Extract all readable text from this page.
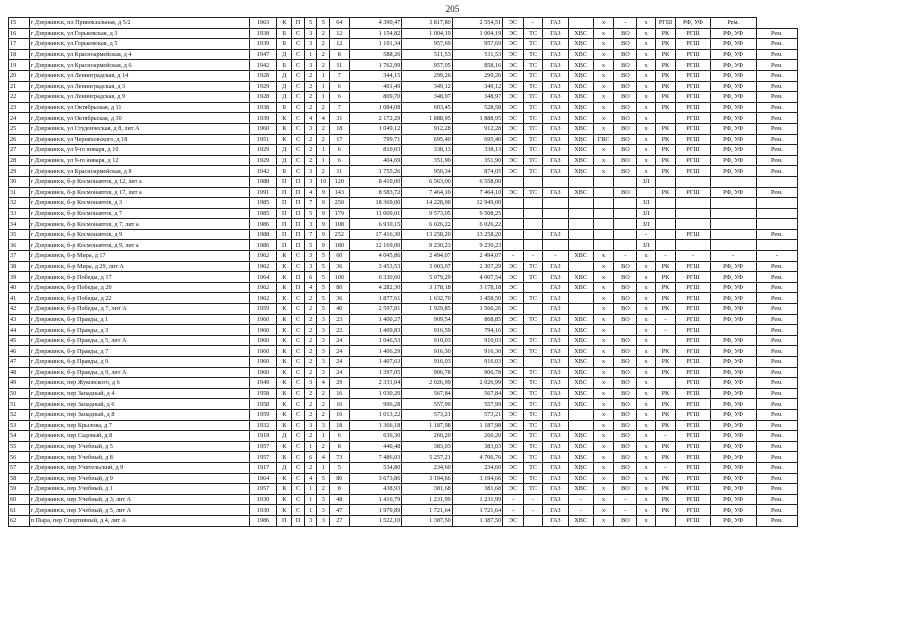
205
15	г Дзержинск, пл Привокзальная, д 5/2	1963	К	П	5	5	64	4 390,47	3 817,80	2 554,51	ЭС	-	ГАЗ		х	-	х	РГШ	РФ, УФ	Рем.	
16	г Дзержинск, ул Горьковская, д 3	1938	Б	С	3	2	12	1 154,82	1 004,19	1 004,19	ЭС	ТС	ГАЗ	ХВС	х	ВО	х	РК	РГШ	РФ, УФ	Рем.
17	г Дзержинск, ул Горьковская, д 5	1939	Б	С	3	2	12	1 101,34	957,69	957,69	ЭС	ТС	ГАЗ	ХВС	х	ВО	х	РК	РГШ	РФ, УФ	Рем.
18	г Дзержинск, ул Красноармейская, д 4	1947	Д	С	1	2	8	588,26	511,53	511,53	ЭС	ТС	ГАЗ	ХВС	х	ВО	х	РК	РГШ	РФ, УФ	Рем.
19	г Дзержинск, ул Красноармейская, д 6	1942	Б	С	3	2	11	1 762,99	957,05	858,16	ЭС	ТС	ГАЗ	ХВС	х	ВО	х	РК	РГШ	РФ, УФ	Рем.
20	г Дзержинск, ул Ленинградская, д 14	1928	Д	С	2	1	7	344,15	299,26	299,26	ЭС	ТС	ГАЗ	ХВС	х	ВО	х	РК	РГШ	РФ, УФ	Рем.
21	г Дзержинск, ул Ленинградская, д 3	1929	Д	С	2	1	6	401,49	349,12	349,12	ЭС	ТС	ГАЗ	ХВС	х	ВО	х	РК	РГШ	РФ, УФ	Рем.
22	г Дзержинск, ул Ленинградская, д 9	1928	Д	С	2	1	6	809,70	348,97	348,97	ЭС	ТС	ГАЗ	ХВС	х	ВО	х	РК	РГШ	РФ, УФ	Рем.
23	г Дзержинск, ул Октябрьская, д 11	1938	Б	С	2	2	7	1 084,08	603,45	528,58	ЭС	ТС	ГАЗ	ХВС	х	ВО	х	РК	РГШ	РФ, УФ	Рем.
24	г Дзержинск, ул Октябрьская, д 30	1939	К	С	4	4	31	2 172,29	1 888,95	1 888,95	ЭС	ТС	ГАЗ	ХВС	х	ВО	х		РГШ	РФ, УФ	Рем.
25	г Дзержинск, ул Студенческая, д 8, лит А	1960	К	С	3	2	18	1 049,12	912,28	912,28	ЭС	ТС	ГАЗ	ХВС	х	ВО	х	РК	РГШ	РФ, УФ	Рем.
26	г Дзержинск, ул Черняховского, д 18	1951	К	С	2	2	17	799,71	695,40	695,40	ЭС	ТС	ГАЗ	ХВС	ГВС	ВО	х	РК	РГШ	РФ, УФ	Рем.
27	г Дзержинск, ул 9-го января, д 10	1929	Д	С	2	1	6	810,03	338,13	338,13	ЭС	ТС	ГАЗ	ХВС	х	ВО	х	РК	РГШ	РФ, УФ	Рем.
28	г Дзержинск, ул 9-го января, д 12	1929	Д	С	2	1	6	404,69	351,90	351,90	ЭС	ТС	ГАЗ	ХВС	х	ВО	х	РК	РГШ	РФ, УФ	Рем.
29	г Дзержинск, ул Красноармейская, д 8	1942	Б	С	3	2	11	1 755,26	950,34	874,05	ЭС	ТС	ГАЗ	ХВС	х	ВО	х	РК	РГШ	РФ, УФ	Рем.
30	г Дзержинск, б-р Космонавтов, д 12, лит а	1988	П	П	3	10	120	8 410,00	6 563,00	6 558,00							ЗЛ				
31	г Дзержинск, б-р Космонавтов, д 17, лит а	1991	П	П	4	9	143	8 583,72	7 464,10	7 464,10	ЭС	ТС	ГАЗ	ХВС		ВО		РК	РГШ	РФ, УФ	Рем.
32	г Дзержинск, б-р Космонавтов, д 3	1985	П	П	7	9	250	18 369,00	14 228,00	12 949,00							ЗЛ				
33	г Дзержинск, б-р Космонавтов, д 7	1985	П	П	5	9	179	11 009,01	9 573,05	9 508,25							ЗЛ				
34	г Дзержинск, б-р Космонавтов, д 7, лит а	1986	П	П	3	9	108	6 930,15	6 026,22	6 026,22							ЗЛ				
35	г Дзержинск, б-р Космонавтов, д 9	1988	П	П	7	9	252	17 416,30	13 258,20	13 258,20			ГАЗ				-		РГШ		Рем.
36	г Дзержинск, б-р Космонавтов, д 9, лит а	1986	П	П	5	9	180	12 169,00	9 230,23	9 230,23							ЗЛ				
37	г Дзержинск, б-р Мира, д 17	1962	К	С	3	5	60	4 045,86	2 494,07	2 494,07	-	-	-	ХВС	х	-	х	-	-	-	-
38	г Дзержинск, б-р Мира, д 29, лит А	1962	К	С	3	5	36	3 453,53	3 003,07	2 307,29	ЭС	ТС	ГАЗ		х	ВО	х	РК	РГШ	РФ, УФ	Рем.
39	г Дзержинск, б-р Победы, д 17	1964	К	П	6	5	100	6 330,60	5 079,29	4 007,54	ЭС	ТС	ГАЗ	ХВС	х	ВО	х	РК	РГШ	РФ, УФ	Рем.
40	г Дзержинск, б-р Победы, д 20	1962	К	П	4	5	80	4 282,30	3 178,18	3 178,18	ЭС		ГАЗ	ХВС	х	ВО	х	РК	РГШ	РФ, УФ	Рем.
41	г Дзержинск, б-р Победы, д 22	1962	К	С	2	5	36	1 877,61	1 632,70	1 458,50	ЭС	ТС	ГАЗ		х	ВО	х	РК	РГШ	РФ, УФ	Рем.
42	г Дзержинск, б-р Победы, д 7, лит А	1959	К	С	2	5	40	2 597,81	1 929,85	1 566,26	ЭС		ГАЗ		х	ВО	х	РК	РГШ	РФ, УФ	Рем.
43	г Дзержинск, б-р Правды, д 1	1960	К	С	2	3	23	1 400,27	909,54	868,85	ЭС	ТС	ГАЗ	ХВС	х	ВО	х	-	РГШ	РФ, УФ	Рем.
44	г Дзержинск, б-р Правды, д 3	1960	К	С	2	3	22	1 409,83	916,59	794,16	ЭС		ГАЗ	ХВС	х		х	-	РГШ		Рем.
45	г Дзержинск, б-р Правды, д 5, лит А	1960	К	С	2	3	24	1 046,53	910,03	910,03	ЭС	ТС	ГАЗ	ХВС	х	ВО	х		РГШ	РФ, УФ	Рем.
46	г Дзержинск, б-р Правды, д 7	1960	К	С	2	3	24	1 406,29	916,30	916,30	ЭС	ТС	ГАЗ	ХВС	х	ВО	х	РК	РГШ	РФ, УФ	Рем.
47	г Дзержинск, б-р Правды, д 9	1960	К	С	2	3	24	1 407,63	916,03	916,03	ЭС		ГАЗ	ХВС	х	ВО	х	РК	РГШ	РФ, УФ	Рем.
48	г Дзержинск, б-р Правды, д 9, лит А	1960	К	С	2	3	24	1 397,05	906,78	906,78	ЭС	ТС	ГАЗ	ХВС	х	ВО	х	РК	РГШ	РФ, УФ	Рем.
49	г Дзержинск, пер Жуковского, д 6	1949	К	С	3	4	29	2 331,04	2 026,99	2 026,99	ЭС	ТС	ГАЗ	ХВС	х	ВО	х		РГШ	РФ, УФ	Рем.
50	г Дзержинск, пер Западный, д 4	1958	К	С	2	2	16	1 030,20	567,84	567,84	ЭС	ТС	ГАЗ	ХВС	х	ВО	х	РК	РГШ	РФ, УФ	Рем.
51	г Дзержинск, пер Западный, д 6	1958	К	С	2	2	16	996,28	557,99	557,99	ЭС	ТС	ГАЗ	ХВС	х	ВО	х	РК	РГШ	РФ, УФ	Рем.
52	г Дзержинск, пер Западный, д 8	1959	К	С	2	2	16	1 013,22	573,21	573,21	ЭС	ТС	ГАЗ		х	ВО	х	РК	РГШ	РФ, УФ	Рем.
53	г Дзержинск, пер Крылова, д 7	1932	К	С	3	3	18	1 366,18	1 187,98	1 187,98	ЭС	ТС	ГАЗ		х	ВО	х	РК	РГШ	РФ, УФ	Рем.
54	г Дзержинск, пер Садовый, д 8	1918	Д	С	2	1	6	636,30	260,20	260,20	ЭС	ТС	ГАЗ	ХВС	х	ВО	х	-	РГШ	РФ, УФ	Рем.
55	г Дзержинск, пер Учебный, д 5	1957	К	С	1	2	8	440,48	383,03	383,03	ЭС	ТС	ГАЗ	ХВС	х	ВО	х	РК	РГШ	РФ, УФ	Рем.
56	г Дзержинск, пер Учебный, д 8	1957	К	С	6	4	73	7 486,03	5 257,21	4 706,76	ЭС	ТС	ГАЗ	ХВС	х	ВО	х	РК	РГШ	РФ, УФ	Рем.
57	г Дзержинск, пер Учительский, д 9	1917	Д	С	2	1	5	534,80	234,60	234,60	ЭС	ТС	ГАЗ	ХВС	х	ВО	х	-	РГШ	РФ, УФ	Рем.
58	г Дзержинск, пер Учебный, д 9	1964	К	С	4	5	80	3 673,86	3 194,66	3 194,66	ЭС	ТС	ГАЗ	ХВС	х	ВО	х	РК	РГШ	РФ, УФ	Рем.
59	г Дзержинск, пер Учебный, д 1	1957	К	С	1	2	8	438,93	381,68	381,68	ЭС	ТС	ГАЗ	ХВС	х	ВО	х	РК	РГШ	РФ, УФ	Рем.
60	г Дзержинск, пер Учебный, д 3, лит А	1930	К	С	1	3	48	1 416,79	1 231,99	1 231,99	-	-	ГАЗ	-	х	-	х	РК	РГШ	РФ, УФ	Рем.
61	г Дзержинск, пер Учебный, д 5, лит А	1930	К	С	1	3	47	1 979,89	1 721,64	1 721,64	-	-	ГАЗ	-	х	-	х	РК	РГШ	РФ, УФ	Рем.
62	п Пыра, пер Спортивный, д 4, лит А	1986	П	П	3	3	27	1 522,10	1 387,50	1 387,50	ЭС		ГАЗ	ХВС	х	ВО	х		РГШ	РФ, УФ	Рем.
